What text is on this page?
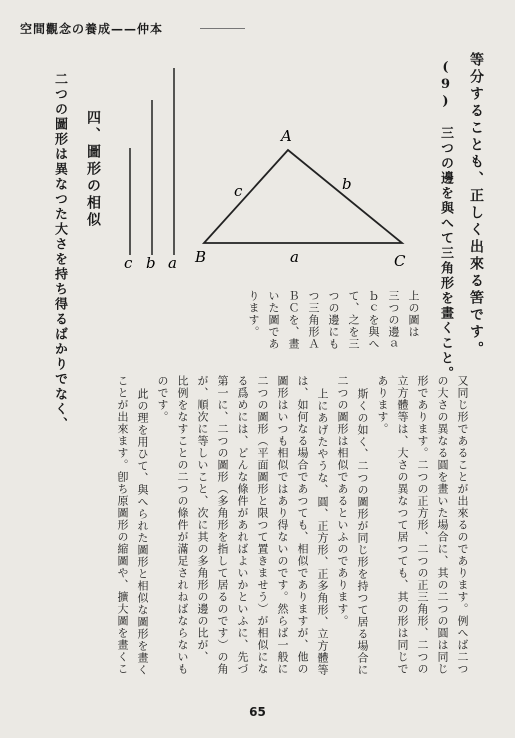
空間觀念の養成——仲本
等分することも、正しく出來る筈です。
(9)　三つの邊を與へて三角形を畫くこと。
四、圖形の相似
二つの圖形は異なつた大さを持ち得るばかりでなく、	c b a
A
B	C
a
b
c
上の圖は
三つの邊ａ
ｂｃを與へ
て、之を三
つの邊にも
つ三角形Ａ
ＢＣを、畫
いた圖であ
ります。
又同じ形であることが出來るのであります。例へば二つ
の大さの異なる圓を畫いた場合に、其の二つの圓は同じ
形であります。二つの正方形、二つの正三角形、二つの
立方體等は、大さの異なつて居つても、其の形は同じで
あります。
斯くの如く、二つの圖形が同じ形を持つて居る場合に
二つの圖形は相似であるといふのであります。
上にあげたやうな、圓、正方形、正多角形、立方體等
は、如何なる場合であつても、相似でありますが、他の
圖形はいつも相似ではあり得ないのです。然らば一般に
二つの圖形（平面圖形と限つて置きませう）が相似にな
る爲めには、どんな條件があればよいかといふに、先づ
第一に、二つの圖形（多角形を指して居るのです）の角
が、順次に等しいこと、次に其の多角形の邊の比が、
比例をなすことの二つの條件が滿足されねばならないも
のです。
此の理を用ひて、與へられた圖形と相似な圖形を畫く
ことが出來ます。卽ち原圖形の縮圖や、擴大圖を畫くこ
65
